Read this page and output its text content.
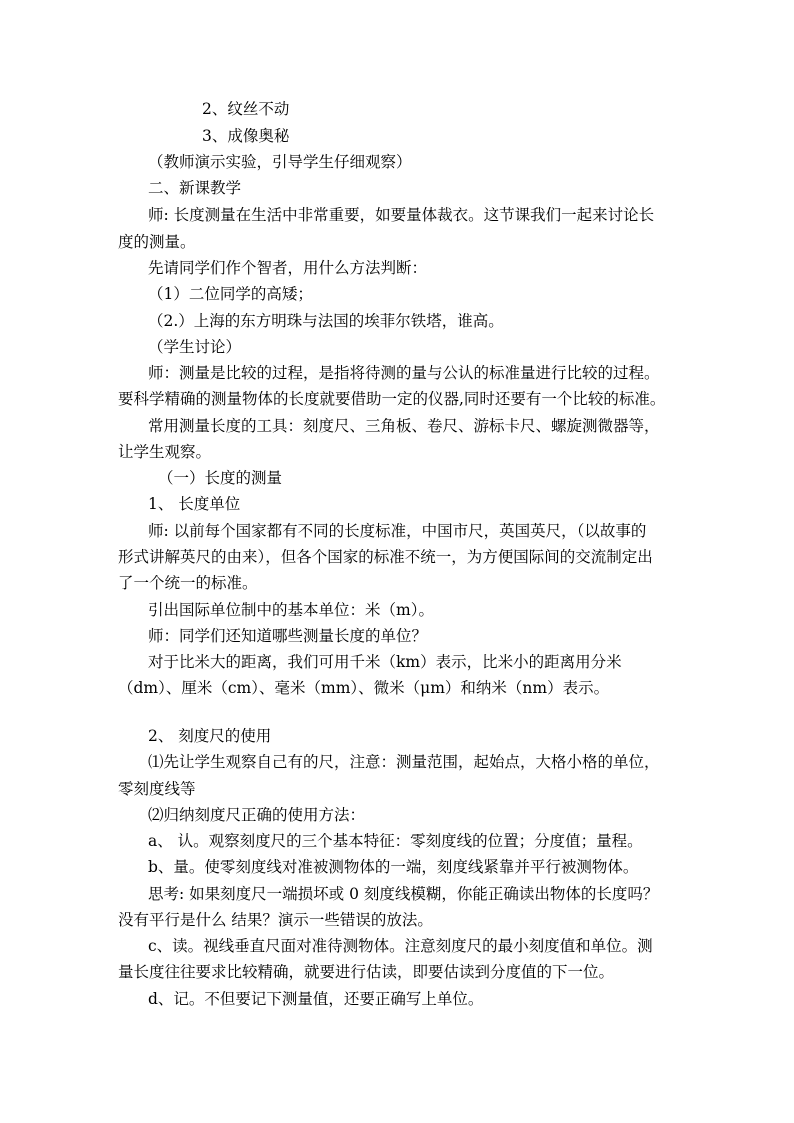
2、纹丝不动
3、成像奥秘
（教师演示实验，引导学生仔细观察）
二、新课教学
师: 长度测量在生活中非常重要，如要量体裁衣。这节课我们一起来讨论长
度的测量。
先请同学们作个智者，用什么方法判断：
（1）二位同学的高矮；
（2.）上海的东方明珠与法国的埃菲尔铁塔，谁高。
（学生讨论）
师：测量是比较的过程，是指将待测的量与公认的标准量进行比较的过程。
要科学精确的测量物体的长度就要借助一定的仪器,同时还要有一个比较的标准。
常用测量长度的工具：刻度尺、三角板、卷尺、游标卡尺、螺旋测微器等，
让学生观察。
（一）长度的测量
1、 长度单位
师: 以前每个国家都有不同的长度标准，中国市尺，英国英尺，（以故事的
形式讲解英尺的由来），但各个国家的标准不统一，为方便国际间的交流制定出
了一个统一的标准。
引出国际单位制中的基本单位：米（m）。
师：同学们还知道哪些测量长度的单位？
对于比米大的距离，我们可用千米（km）表示，比米小的距离用分米
（dm）、厘米（cm）、毫米（mm）、微米（μm）和纳米（nm）表示。
2、 刻度尺的使用
⑴先让学生观察自己有的尺，注意：测量范围，起始点，大格小格的单位，
零刻度线等
⑵归纳刻度尺正确的使用方法：
a、 认。观察刻度尺的三个基本特征：零刻度线的位置；分度值；量程。
b、量。使零刻度线对准被测物体的一端，刻度线紧靠并平行被测物体。
思考: 如果刻度尺一端损坏或 0 刻度线模糊，你能正确读出物体的长度吗？
没有平行是什么 结果？演示一些错误的放法。
c、读。视线垂直尺面对准待测物体。注意刻度尺的最小刻度值和单位。测
量长度往往要求比较精确，就要进行估读，即要估读到分度值的下一位。
d、记。不但要记下测量值，还要正确写上单位。
